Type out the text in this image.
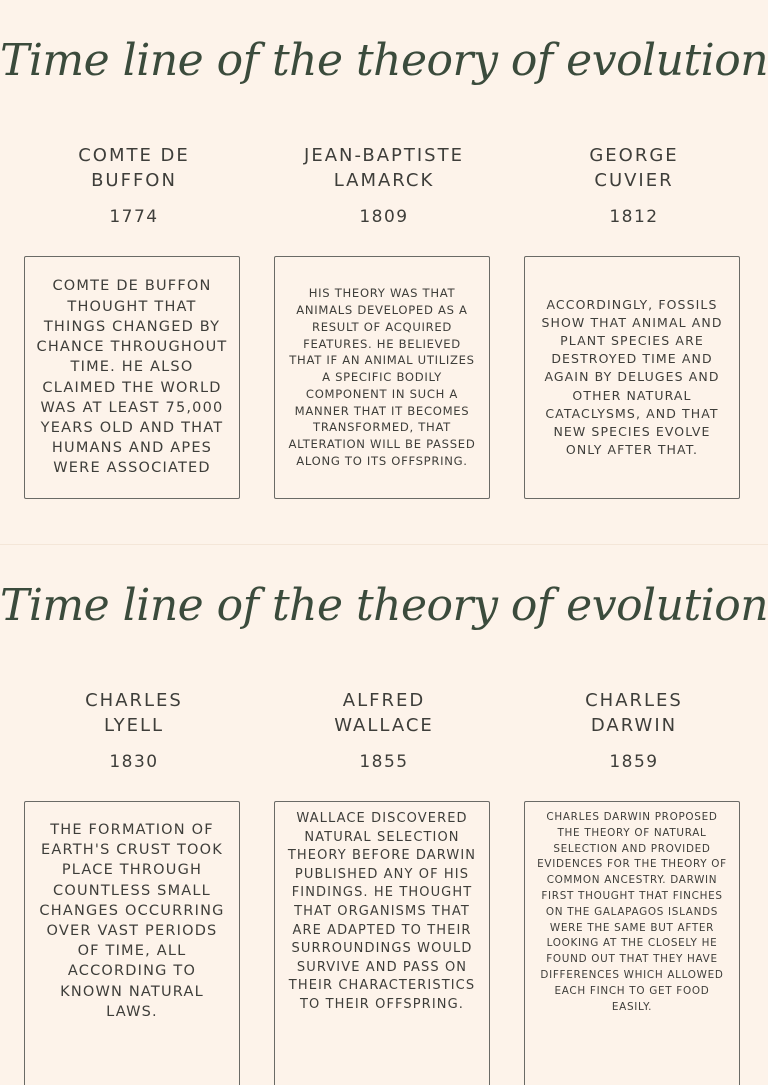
Time line of the theory of evolution
COMTE DE
BUFFON
1774
COMTE DE BUFFON THOUGHT THAT THINGS CHANGED BY CHANCE THROUGHOUT TIME. HE ALSO CLAIMED THE WORLD WAS AT LEAST 75,000 YEARS OLD AND THAT HUMANS AND APES WERE ASSOCIATED
JEAN-BAPTISTE
LAMARCK
1809
HIS THEORY WAS THAT ANIMALS DEVELOPED AS A RESULT OF ACQUIRED FEATURES. HE BELIEVED THAT IF AN ANIMAL UTILIZES A SPECIFIC BODILY COMPONENT IN SUCH A MANNER THAT IT BECOMES TRANSFORMED, THAT ALTERATION WILL BE PASSED ALONG TO ITS OFFSPRING.
GEORGE
CUVIER
1812
ACCORDINGLY, FOSSILS SHOW THAT ANIMAL AND PLANT SPECIES ARE DESTROYED TIME AND AGAIN BY DELUGES AND OTHER NATURAL CATACLYSMS, AND THAT NEW SPECIES EVOLVE ONLY AFTER THAT.
Time line of the theory of evolution
CHARLES
LYELL
1830
THE FORMATION OF EARTH'S CRUST TOOK PLACE THROUGH COUNTLESS SMALL CHANGES OCCURRING OVER VAST PERIODS OF TIME, ALL ACCORDING TO KNOWN NATURAL LAWS.
ALFRED
WALLACE
1855
WALLACE DISCOVERED NATURAL SELECTION THEORY BEFORE DARWIN PUBLISHED ANY OF HIS FINDINGS. HE THOUGHT THAT ORGANISMS THAT ARE ADAPTED TO THEIR SURROUNDINGS WOULD SURVIVE AND PASS ON THEIR CHARACTERISTICS TO THEIR OFFSPRING.
CHARLES
DARWIN
1859
CHARLES DARWIN PROPOSED THE THEORY OF NATURAL SELECTION AND PROVIDED EVIDENCES FOR THE THEORY OF COMMON ANCESTRY. DARWIN FIRST THOUGHT THAT FINCHES ON THE GALAPAGOS ISLANDS WERE THE SAME BUT AFTER LOOKING AT THE CLOSELY HE FOUND OUT THAT THEY HAVE DIFFERENCES WHICH ALLOWED EACH FINCH TO GET FOOD EASILY.
